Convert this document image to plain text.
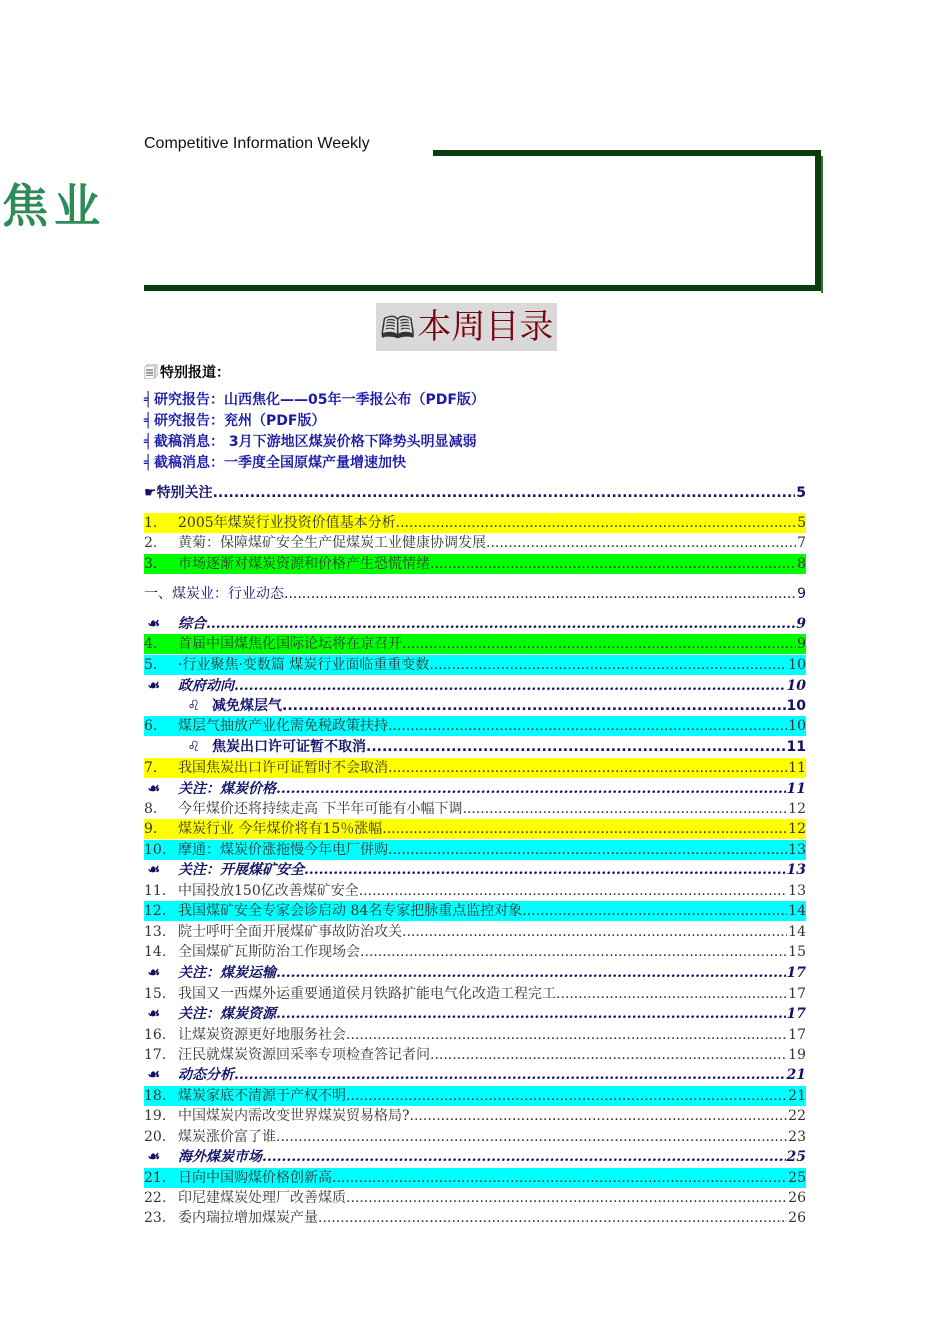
Competitive Information Weekly
焦业
🕮本周目录
🗐 特别报道：
╡ 研究报告：山西焦化——05年一季报公布（PDF版）
╡ 研究报告：兖州（PDF版）
╡ 截稿消息： 3月下游地区煤炭价格下降势头明显减弱
╡ 截稿消息：一季度全国原煤产量增速加快
☛ 特别关注 .....	5
1.	2005年煤炭行业投资价值基本分析 .....	5
2.	黄菊：保障煤矿安全生产促煤炭工业健康协调发展 .....	7
3.	市场逐渐对煤炭资源和价格产生恐慌情绪 .....	8
一、煤炭业：行业动态 .....	9
☙	综合 .....	9
4.	首届中国煤焦化国际论坛将在京召开 .....	9
5.	·行业聚焦·变数篇 煤炭行业面临重重变数 .....	10
☙	政府动向 .....	10
♌ 减免煤层气 .....	10
6.	煤层气抽放产业化需免税政策扶持 .....	10
♌ 焦炭出口许可证暂不取消 .....	11
7.	我国焦炭出口许可证暂时不会取消 .....	11
☙	关注：煤炭价格 .....	11
8.	今年煤价还将持续走高 下半年可能有小幅下调 .....	12
9.	煤炭行业 今年煤价将有15％涨幅 .....	12
10. 摩通：煤炭价涨拖慢今年电厂併购 .....	13
☙	关注：开展煤矿安全 .....	13
11. 中国投放150亿改善煤矿安全 .....	13
12. 我国煤矿安全专家会诊启动 84名专家把脉重点监控对象 .....	14
13. 院士呼吁全面开展煤矿事故防治攻关 .....	14
14. 全国煤矿瓦斯防治工作现场会 .....	15
☙	关注：煤炭运输 .....	17
15. 我国又一西煤外运重要通道侯月铁路扩能电气化改造工程完工 .....	17
☙	关注：煤炭资源 .....	17
16. 让煤炭资源更好地服务社会 .....	17
17. 汪民就煤炭资源回采率专项检查答记者问 .....	19
☙	动态分析 .....	21
18. 煤炭家底不清源于产权不明 .....	21
19. 中国煤炭内需改变世界煤炭贸易格局? .....	22
20. 煤炭涨价富了谁 .....	23
☙	海外煤炭市场 .....	25
21. 日向中国购煤价格创新高 .....	25
22. 印尼建煤炭处理厂改善煤质 .....	26
23. 委内瑞拉增加煤炭产量 .....	26
